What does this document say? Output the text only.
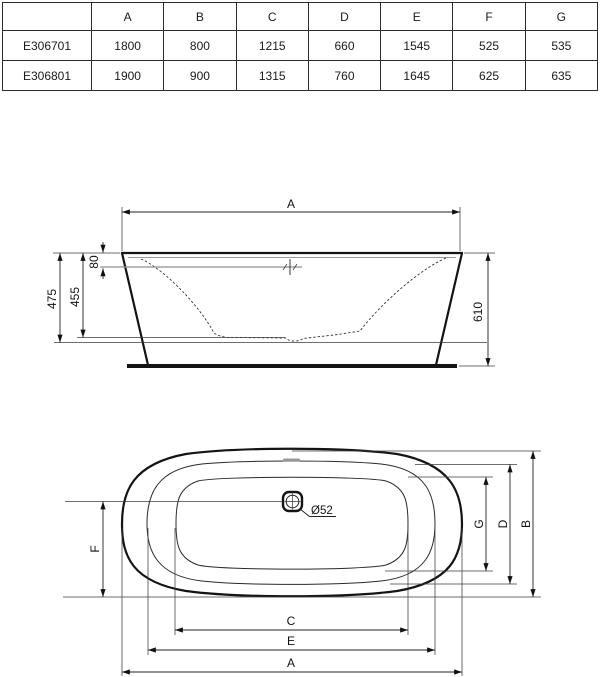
	A	B	C	D	E	F	G
E306701	1800	800	1215	660	1545	525	535
E306801	1900	900	1315	760	1645	625	635
A
80
455
475
610
Ø52
F
B
D
G
C
E
A
